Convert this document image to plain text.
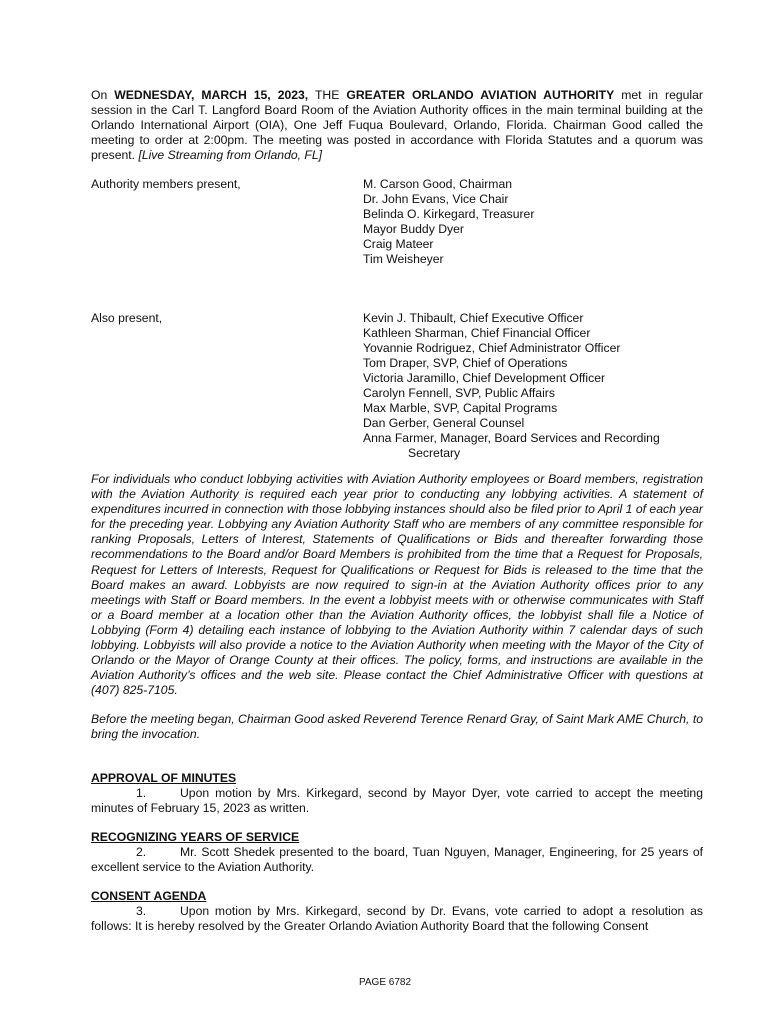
On WEDNESDAY, MARCH 15, 2023, THE GREATER ORLANDO AVIATION AUTHORITY met in regular session in the Carl T. Langford Board Room of the Aviation Authority offices in the main terminal building at the Orlando International Airport (OIA), One Jeff Fuqua Boulevard, Orlando, Florida. Chairman Good called the meeting to order at 2:00pm. The meeting was posted in accordance with Florida Statutes and a quorum was present. [Live Streaming from Orlando, FL]

Authority members present,	M. Carson Good, Chairman
Dr. John Evans, Vice Chair
Belinda O. Kirkegard, Treasurer
Mayor Buddy Dyer
Craig Mateer
Tim Weisheyer
Also present,	Kevin J. Thibault, Chief Executive Officer
Kathleen Sharman, Chief Financial Officer
Yovannie Rodriguez, Chief Administrator Officer
Tom Draper, SVP, Chief of Operations
Victoria Jaramillo, Chief Development Officer
Carolyn Fennell, SVP, Public Affairs
Max Marble, SVP, Capital Programs
Dan Gerber, General Counsel
Anna Farmer, Manager, Board Services and Recording
Secretary

For individuals who conduct lobbying activities with Aviation Authority employees or Board members, registration with the Aviation Authority is required each year prior to conducting any lobbying activities. A statement of expenditures incurred in connection with those lobbying instances should also be filed prior to April 1 of each year for the preceding year. Lobbying any Aviation Authority Staff who are members of any committee responsible for ranking Proposals, Letters of Interest, Statements of Qualifications or Bids and thereafter forwarding those recommendations to the Board and/or Board Members is prohibited from the time that a Request for Proposals, Request for Letters of Interests, Request for Qualifications or Request for Bids is released to the time that the Board makes an award. Lobbyists are now required to sign-in at the Aviation Authority offices prior to any meetings with Staff or Board members. In the event a lobbyist meets with or otherwise communicates with Staff or a Board member at a location other than the Aviation Authority offices, the lobbyist shall file a Notice of Lobbying (Form 4) detailing each instance of lobbying to the Aviation Authority within 7 calendar days of such lobbying. Lobbyists will also provide a notice to the Aviation Authority when meeting with the Mayor of the City of Orlando or the Mayor of Orange County at their offices. The policy, forms, and instructions are available in the Aviation Authority’s offices and the web site. Please contact the Chief Administrative Officer with questions at (407) 825-7105.

Before the meeting began, Chairman Good asked Reverend Terence Renard Gray, of Saint Mark AME Church, to bring the invocation.

APPROVAL OF MINUTES

1.	Upon motion by Mrs. Kirkegard, second by Mayor Dyer, vote carried to accept the meeting minutes of February 15, 2023 as written.

RECOGNIZING YEARS OF SERVICE

2.	Mr. Scott Shedek presented to the board, Tuan Nguyen, Manager, Engineering, for 25 years of excellent service to the Aviation Authority.

CONSENT AGENDA

3.	Upon motion by Mrs. Kirkegard, second by Dr. Evans, vote carried to adopt a resolution as follows: It is hereby resolved by the Greater Orlando Aviation Authority Board that the following Consent

PAGE 6782
